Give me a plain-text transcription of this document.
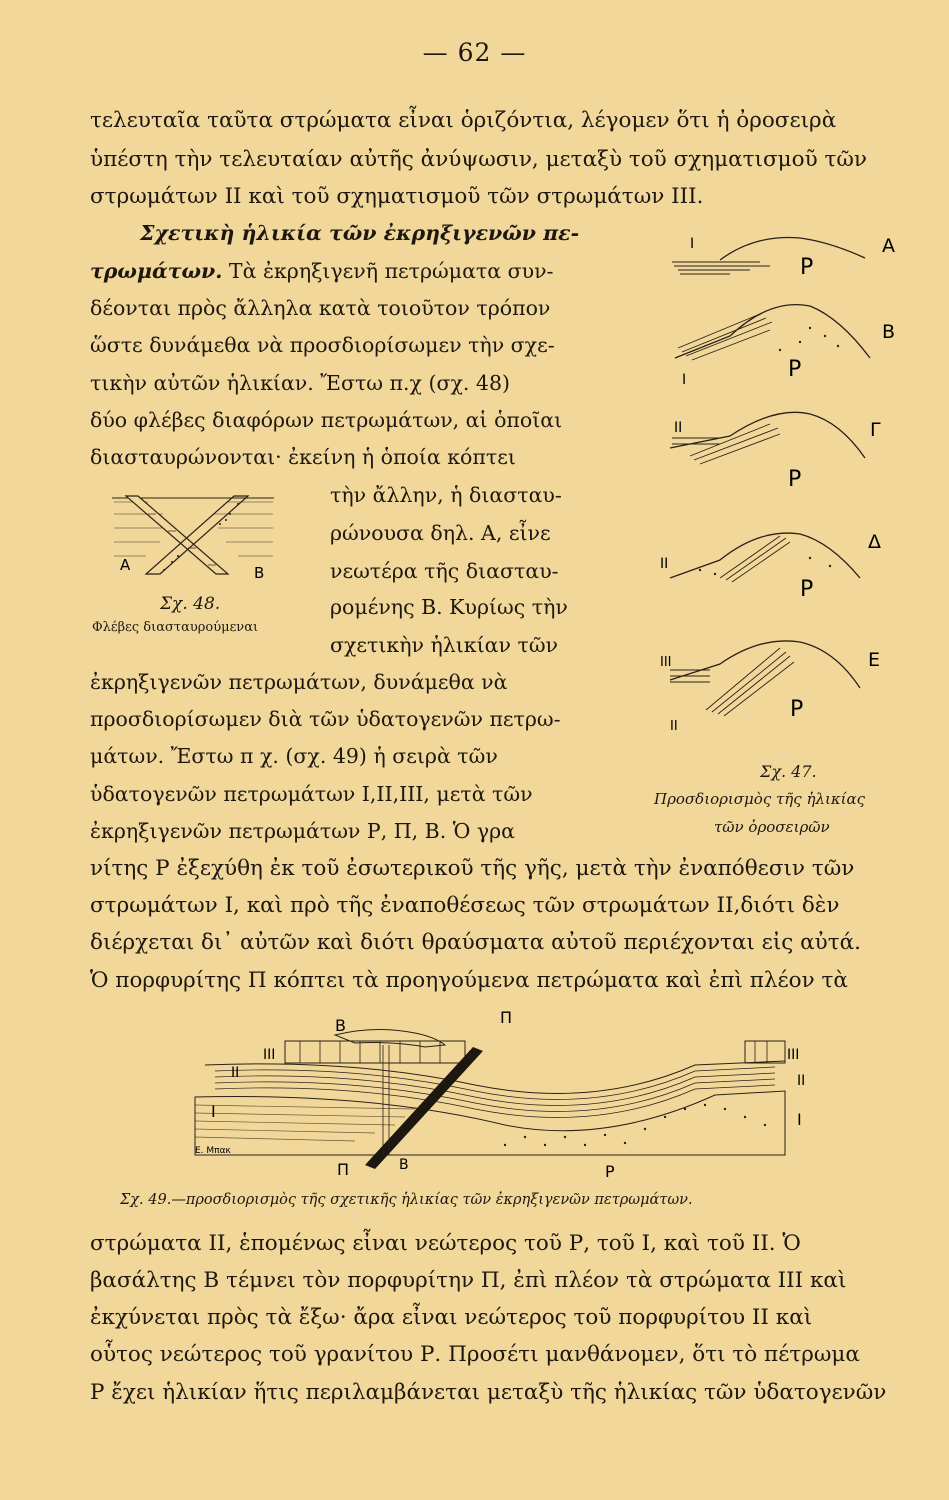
— 62 —
τελευταῖα ταῦτα στρώματα εἶναι ὁριζόντια, λέγομεν ὅτι ἡ ὀροσειρὰ
ὑπέστη τὴν τελευταίαν αὐτῆς ἀνύψωσιν, μεταξὺ τοῦ σχηματισμοῦ τῶν
στρωμάτων II καὶ τοῦ σχηματισμοῦ τῶν στρωμάτων III.
Σχετικὴ ἡλικία τῶν ἐκρηξιγενῶν πε-
τρωμάτων. Τὰ ἐκρηξιγενῆ πετρώματα συν-
δέονται πρὸς ἄλληλα κατὰ τοιοῦτον τρόπον
ὥστε δυνάμεθα νὰ προσδιορίσωμεν τὴν σχε-
τικὴν αὐτῶν ἡλικίαν. Ἔστω π.χ (σχ. 48)
δύο φλέβες διαφόρων πετρωμάτων, αἱ ὁποῖαι
διασταυρώνονται· ἐκείνη ἡ ὁποία κόπτει
τὴν ἄλλην, ἡ διασταυ-
ρώνουσα δηλ. Α, εἶνε
νεωτέρα τῆς διασταυ-
ρομένης Β. Κυρίως τὴν
σχετικὴν ἡλικίαν τῶν
A	B
Σχ. 48.
Φλέβες διασταυρούμεναι
ἐκρηξιγενῶν πετρωμάτων, δυνάμεθα νὰ
προσδιορίσωμεν διὰ τῶν ὑδατογενῶν πετρω-
μάτων. Ἔστω π χ. (σχ. 49) ἡ σειρὰ τῶν
ὑδατογενῶν πετρωμάτων I,II,III, μετὰ τῶν
ἐκρηξιγενῶν πετρωμάτων Ρ, Π, Β. Ὁ γρα
P
I	A
P
I
B
P
II	Γ
P
II
Δ
P
III
II
E
Σχ. 47.
Προσδιορισμὸς τῆς ἡλικίας
τῶν ὀροσειρῶν
νίτης Ρ ἐξεχύθη ἐκ τοῦ ἐσωτερικοῦ τῆς γῆς, μετὰ τὴν ἐναπόθεσιν τῶν
στρωμάτων I, καὶ πρὸ τῆς ἐναποθέσεως τῶν στρωμάτων II,διότι δὲν
διέρχεται δι᾽ αὐτῶν καὶ διότι θραύσματα αὐτοῦ περιέχονται εἰς αὐτά.
Ὁ πορφυρίτης Π κόπτει τὰ προηγούμενα πετρώματα καὶ ἐπὶ πλέον τὰ
B	Π
III
II
I
III
II
I
Π	B	P
Ε. Μπακ
Σχ. 49.—προσδιορισμὸς τῆς σχετικῆς ἡλικίας τῶν ἐκρηξιγενῶν πετρωμάτων.
στρώματα II, ἑπομένως εἶναι νεώτερος τοῦ Ρ, τοῦ I, καὶ τοῦ II. Ὁ
βασάλτης Β τέμνει τὸν πορφυρίτην Π, ἐπὶ πλέον τὰ στρώματα III καὶ
ἐκχύνεται πρὸς τὰ ἔξω· ἄρα εἶναι νεώτερος τοῦ πορφυρίτου II καὶ
οὗτος νεώτερος τοῦ γρανίτου Ρ. Προσέτι μανθάνομεν, ὅτι τὸ πέτρωμα
Ρ ἔχει ἡλικίαν ἥτις περιλαμβάνεται μεταξὺ τῆς ἡλικίας τῶν ὑδατογενῶν
